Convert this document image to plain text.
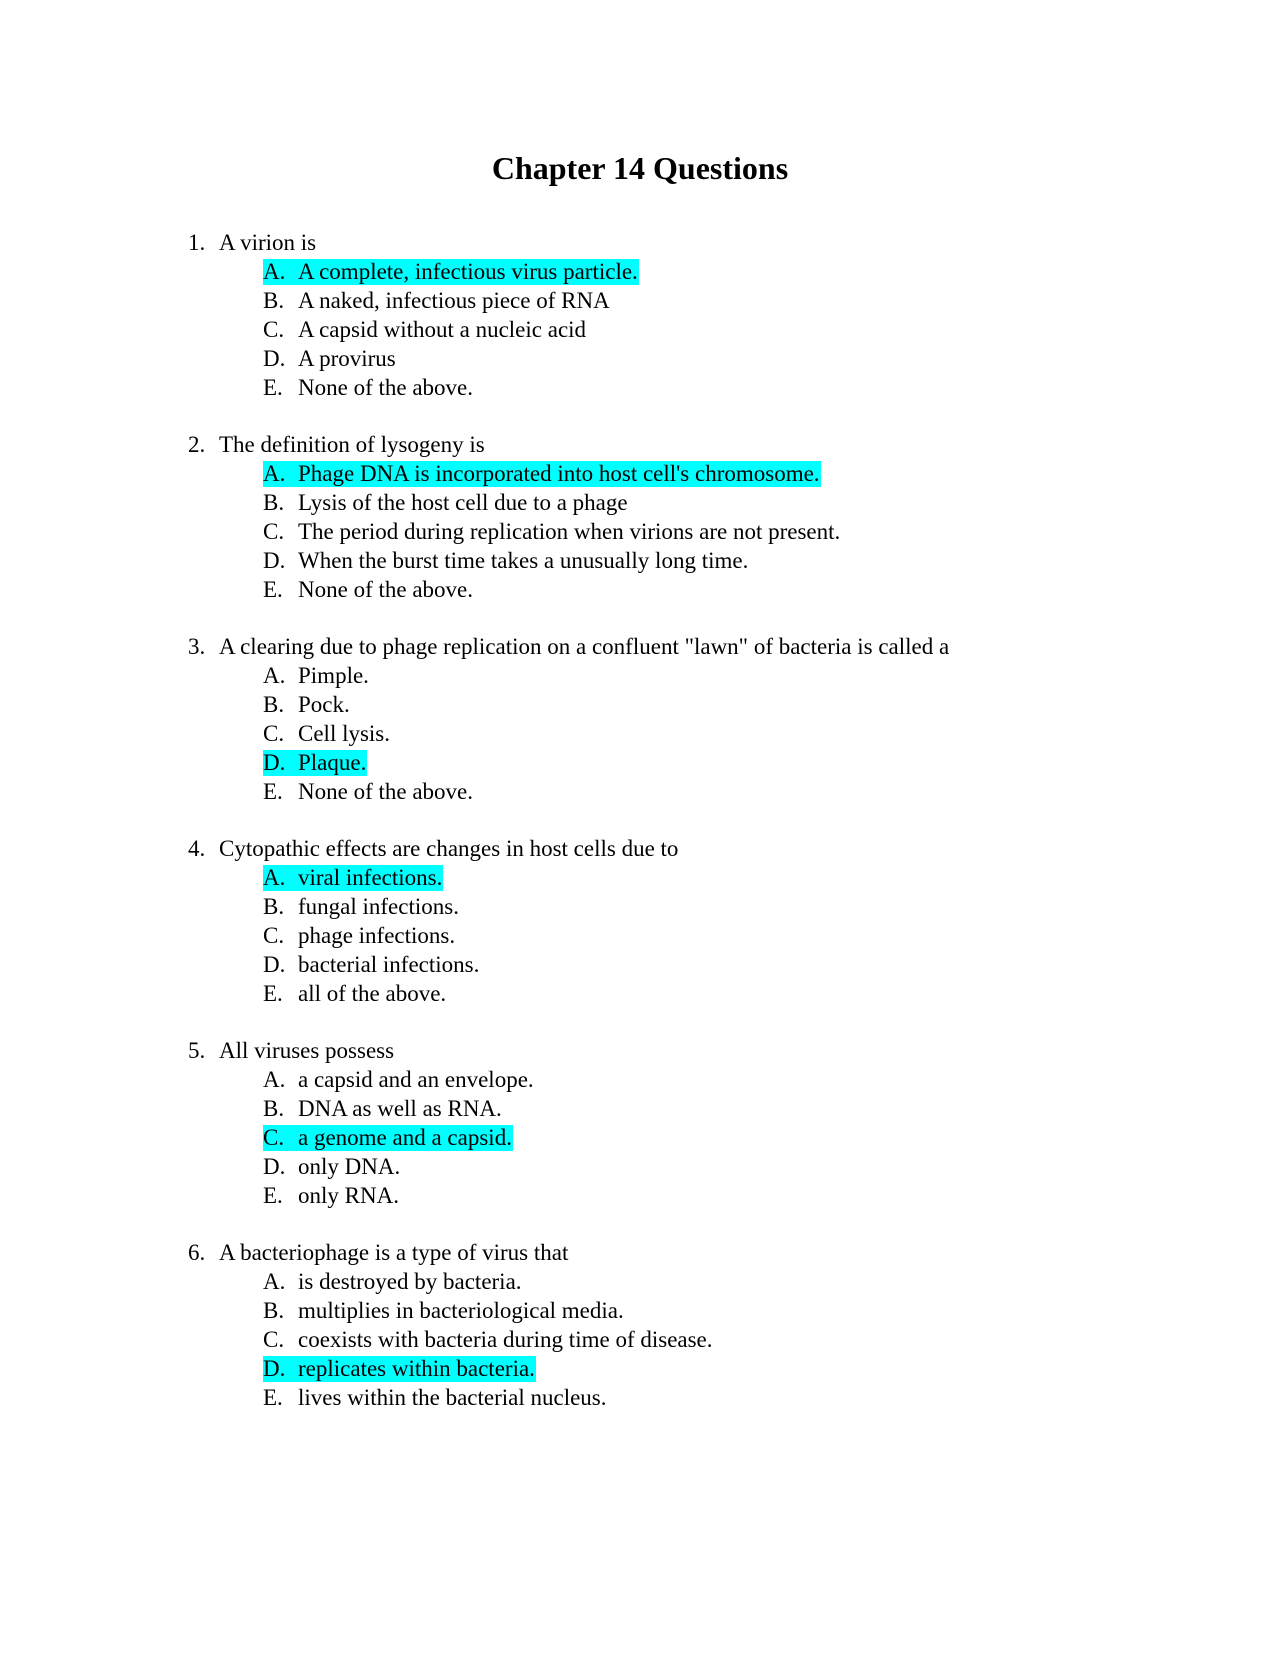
Chapter 14 Questions
1. A virion is
A. A complete, infectious virus particle.
B. A naked, infectious piece of RNA
C. A capsid without a nucleic acid
D. A provirus
E. None of the above.
2. The definition of lysogeny is
A. Phage DNA is incorporated into host cell's chromosome.
B. Lysis of the host cell due to a phage
C. The period during replication when virions are not present.
D. When the burst time takes a unusually long time.
E. None of the above.
3. A clearing due to phage replication on a confluent "lawn" of bacteria is called a
A. Pimple.
B. Pock.
C. Cell lysis.
D. Plaque.
E. None of the above.
4. Cytopathic effects are changes in host cells due to
A. viral infections.
B. fungal infections.
C. phage infections.
D. bacterial infections.
E. all of the above.
5. All viruses possess
A. a capsid and an envelope.
B. DNA as well as RNA.
C. a genome and a capsid.
D. only DNA.
E. only RNA.
6. A bacteriophage is a type of virus that
A. is destroyed by bacteria.
B. multiplies in bacteriological media.
C. coexists with bacteria during time of disease.
D. replicates within bacteria.
E. lives within the bacterial nucleus.
